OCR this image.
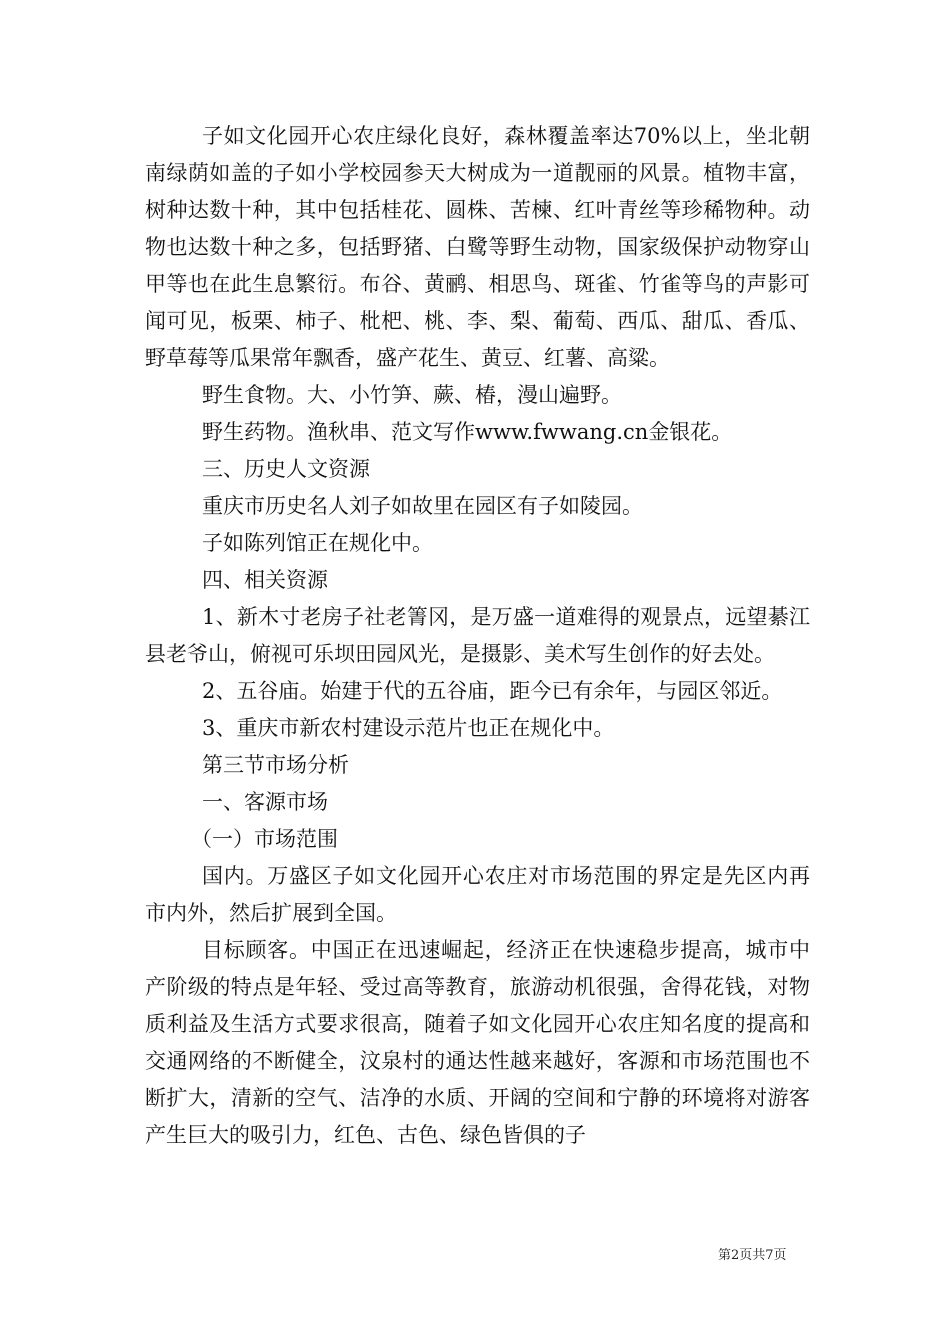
子如文化园开心农庄绿化良好，森林覆盖率达70%以上，坐北朝南绿荫如盖的子如小学校园参天大树成为一道靓丽的风景。植物丰富，树种达数十种，其中包括桂花、圆株、苦楝、红叶青丝等珍稀物种。动物也达数十种之多，包括野猪、白鹭等野生动物，国家级保护动物穿山甲等也在此生息繁衍。布谷、黄鹂、相思鸟、斑雀、竹雀等鸟的声影可闻可见，板栗、柿子、枇杷、桃、李、梨、葡萄、西瓜、甜瓜、香瓜、野草莓等瓜果常年飘香，盛产花生、黄豆、红薯、高粱。

野生食物。大、小竹笋、蕨、椿，漫山遍野。

野生药物。渔秋串、范文写作www.fwwang.cn金银花。

三、历史人文资源

重庆市历史名人刘子如故里在园区有子如陵园。

子如陈列馆正在规化中。

四、相关资源

1、新木寸老房子社老箐冈，是万盛一道难得的观景点，远望綦江县老爷山，俯视可乐坝田园风光，是摄影、美术写生创作的好去处。

2、五谷庙。始建于代的五谷庙，距今已有余年，与园区邻近。

3、重庆市新农村建设示范片也正在规化中。

第三节市场分析

一、客源市场

（一）市场范围

国内。万盛区子如文化园开心农庄对市场范围的界定是先区内再市内外，然后扩展到全国。

目标顾客。中国正在迅速崛起，经济正在快速稳步提高，城市中产阶级的特点是年轻、受过高等教育，旅游动机很强，舍得花钱，对物质利益及生活方式要求很高，随着子如文化园开心农庄知名度的提高和交通网络的不断健全，汶泉村的通达性越来越好，客源和市场范围也不断扩大，清新的空气、洁净的水质、开阔的空间和宁静的环境将对游客产生巨大的吸引力，红色、古色、绿色皆俱的子

第2页共7页
